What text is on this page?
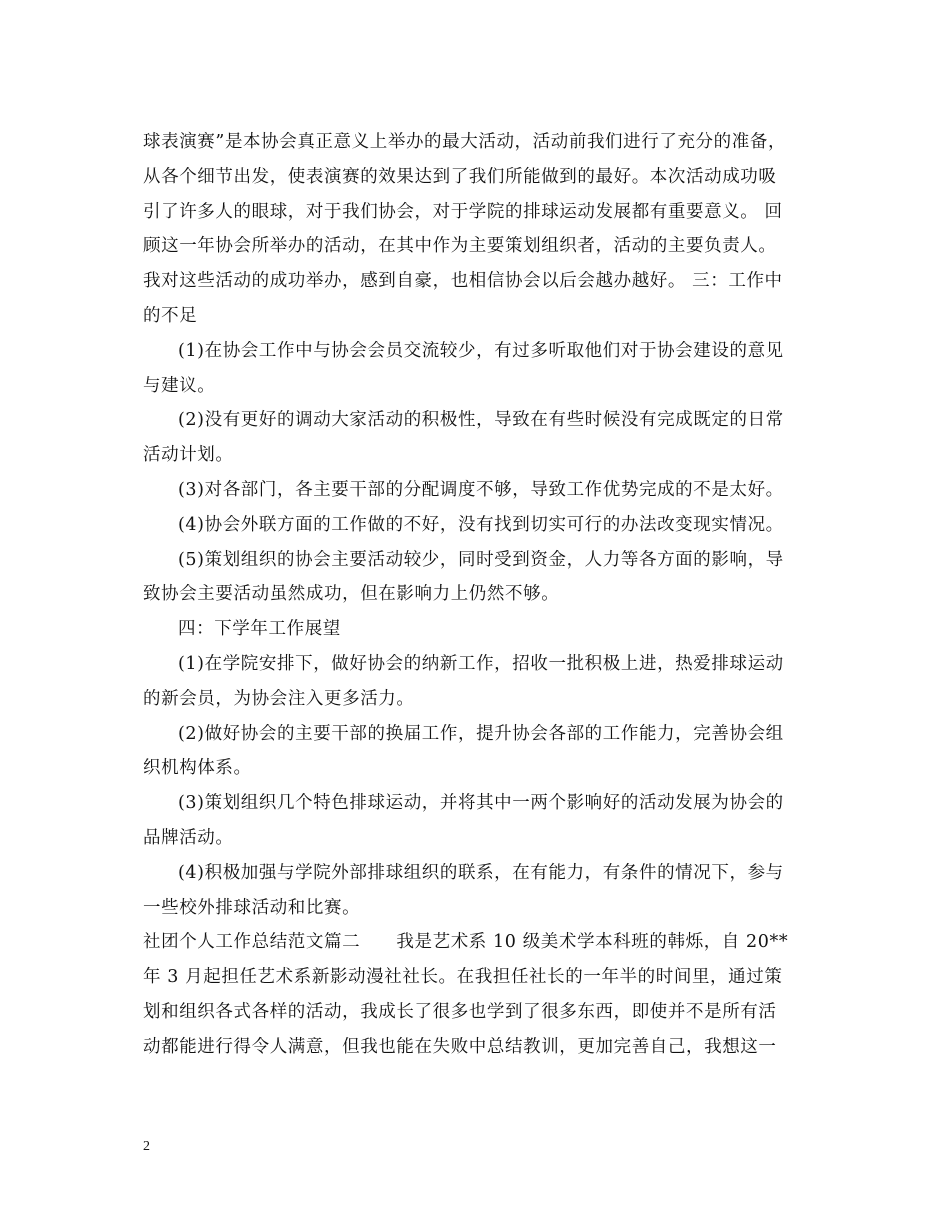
球表演赛”是本协会真正意义上举办的最大活动，活动前我们进行了充分的准备，
从各个细节出发，使表演赛的效果达到了我们所能做到的最好。本次活动成功吸
引了许多人的眼球，对于我们协会，对于学院的排球运动发展都有重要意义。 回
顾这一年协会所举办的活动，在其中作为主要策划组织者，活动的主要负责人。
我对这些活动的成功举办，感到自豪，也相信协会以后会越办越好。 三：工作中
的不足
(1)在协会工作中与协会会员交流较少，有过多听取他们对于协会建设的意见
与建议。
(2)没有更好的调动大家活动的积极性，导致在有些时候没有完成既定的日常
活动计划。
(3)对各部门，各主要干部的分配调度不够，导致工作优势完成的不是太好。
(4)协会外联方面的工作做的不好，没有找到切实可行的办法改变现实情况。
(5)策划组织的协会主要活动较少，同时受到资金，人力等各方面的影响，导
致协会主要活动虽然成功，但在影响力上仍然不够。
四：下学年工作展望
(1)在学院安排下，做好协会的纳新工作，招收一批积极上进，热爱排球运动
的新会员，为协会注入更多活力。
(2)做好协会的主要干部的换届工作，提升协会各部的工作能力，完善协会组
织机构体系。
(3)策划组织几个特色排球运动，并将其中一两个影响好的活动发展为协会的
品牌活动。
(4)积极加强与学院外部排球组织的联系，在有能力，有条件的情况下，参与
一些校外排球活动和比赛。
社团个人工作总结范文篇二　　我是艺术系 10 级美术学本科班的韩烁，自 20**
年 3 月起担任艺术系新影动漫社社长。在我担任社长的一年半的时间里，通过策
划和组织各式各样的活动，我成长了很多也学到了很多东西，即使并不是所有活
动都能进行得令人满意，但我也能在失败中总结教训，更加完善自己，我想这一
2
